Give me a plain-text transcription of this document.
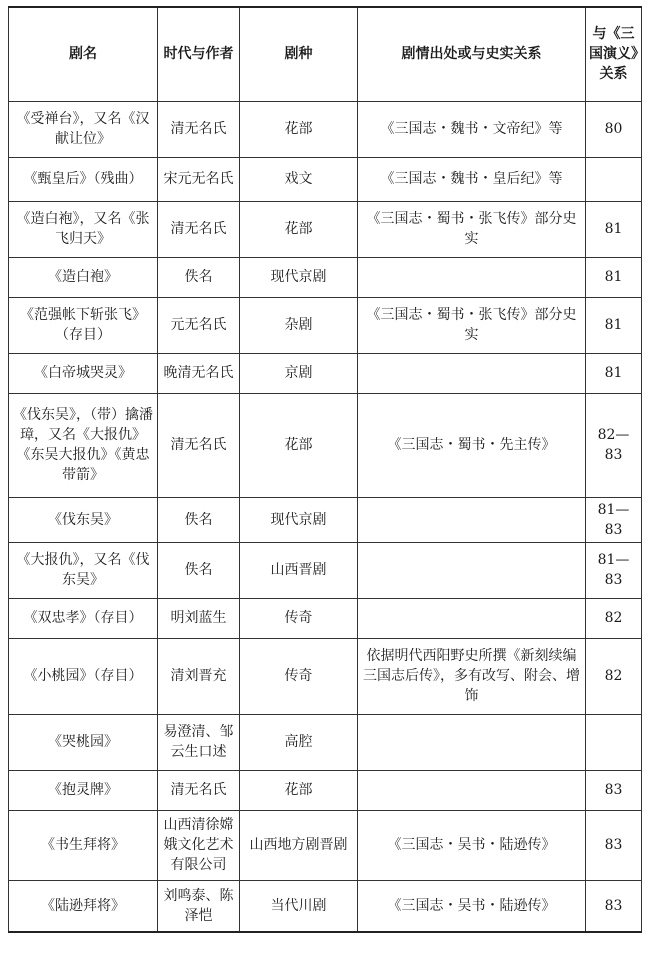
剧名	时代与作者	剧种	剧情出处或与史实关系	与《三国演义》关系
《受禅台》，又名《汉献让位》	清无名氏	花部	《三国志・魏书・文帝纪》等	80
《甄皇后》（残曲）	宋元无名氏	戏文	《三国志・魏书・皇后纪》等	
《造白袍》，又名《张飞归天》	清无名氏	花部	《三国志・蜀书・张飞传》部分史实	81
《造白袍》	佚名	现代京剧		81
《范强帐下斩张飞》（存目）	元无名氏	杂剧	《三国志・蜀书・张飞传》部分史实	81
《白帝城哭灵》	晚清无名氏	京剧		81
《伐东吴》，（带）擒潘璋，又名《大报仇》《东吴大报仇》《黄忠带箭》	清无名氏	花部	《三国志・蜀书・先主传》	82—83
《伐东吴》	佚名	现代京剧		81—83
《大报仇》，又名《伐东吴》	佚名	山西晋剧		81—83
《双忠孝》（存目）	明刘蓝生	传奇		82
《小桃园》（存目）	清刘晋充	传奇	依据明代西阳野史所撰《新刻续编三国志后传》，多有改写、附会、增饰	82
《哭桃园》	易澄清、邹云生口述	高腔		
《抱灵牌》	清无名氏	花部		83
《书生拜将》	山西清徐嫦娥文化艺术有限公司	山西地方剧晋剧	《三国志・吴书・陆逊传》	83
《陆逊拜将》	刘鸣泰、陈泽恺	当代川剧	《三国志・吴书・陆逊传》	83
